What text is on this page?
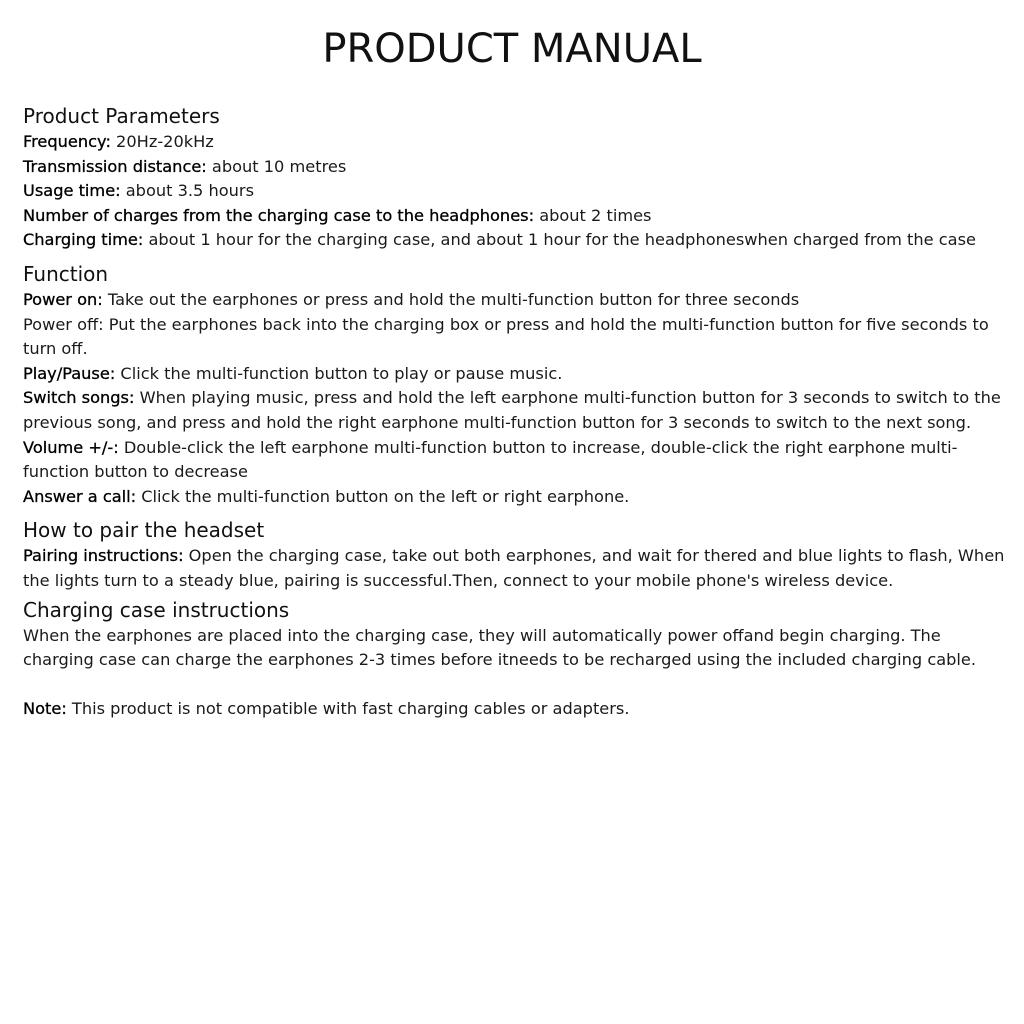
PRODUCT MANUAL
Product Parameters

Frequency: 20Hz-20kHz

Transmission distance: about 10 metres

Usage time: about 3.5 hours

Number of charges from the charging case to the headphones: about 2 times

Charging time: about 1 hour for the charging case, and about 1 hour for the headphoneswhen charged from the case

Function

Power on: Take out the earphones or press and hold the multi-function button for three seconds

Power off: Put the earphones back into the charging box or press and hold the multi-function button for five seconds to turn off.

Play/Pause: Click the multi-function button to play or pause music.

Switch songs: When playing music, press and hold the left earphone multi-function button for 3 seconds to switch to the previous song, and press and hold the right earphone multi-function button for 3 seconds to switch to the next song.

Volume +/-: Double-click the left earphone multi-function button to increase, double-click the right earphone multi-function button to decrease

Answer a call: Click the multi-function button on the left or right earphone.

How to pair the headset

Pairing instructions: Open the charging case, take out both earphones, and wait for thered and blue lights to flash, When the lights turn to a steady blue, pairing is successful.Then, connect to your mobile phone's wireless device.

Charging case instructions

When the earphones are placed into the charging case, they will automatically power offand begin charging. The charging case can charge the earphones 2-3 times before itneeds to be recharged using the included charging cable.

Note: This product is not compatible with fast charging cables or adapters.
